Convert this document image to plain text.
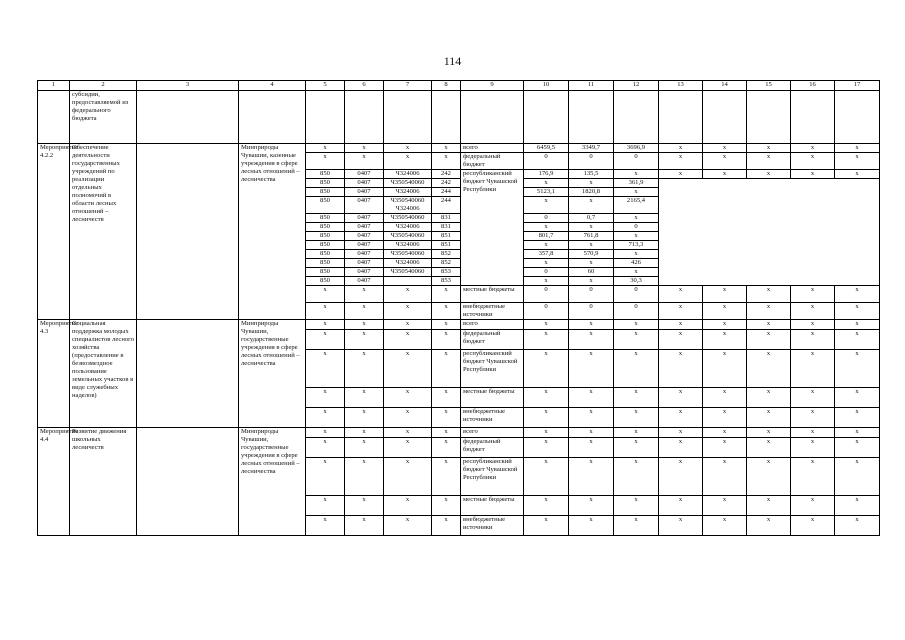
114
1	2	3	4	5	6	7	8	9	10	11	12	13	14	15	16	17
	субсидии, предоставляемой из федерального бюджета															
Мероприятие 4.2.2	Обеспечение деятельности государственных учреждений по реализации отдельных полномочий в области лесных отношений – лесничеств		Минприроды Чувашии, казенные учреждения в сфере лесных отношений – лесничества	x	x	x	x	всего	6459,5	3349,7	3696,9	x	x	x	x	x
				x	x	x	x	федеральный бюджет	0	0	0	x	x	x	x	x
				850	0407	Ч324006	242	республиканский бюджет Чувашской Республики	176,9	135,5	x	x	x	x	x	x
				850	0407	Ч350540060	242		x	x	361,9					
				850	0407	Ч324006	244		5123,1	1820,8	x					
				850	0407	Ч350540060 Ч324006	244		x	x	2165,4					
				850	0407	Ч350540060	831		0	0,7	x					
				850	0407	Ч324006	831		x	x	0					
				850	0407	Ч350540060	851		801,7	761,8	x					
				850	0407	Ч324006	851		x	x	713,3					
				850	0407	Ч350540060	852		357,8	570,9	x					
				850	0407	Ч324006	852		x	x	426					
				850	0407	Ч350540060	853		0	60	x					
				850	0407		853		x	x	30,3					
				x	x	x	x	местные бюджеты	0	0	0	x	x	x	x	x
				x	x	x	x	внебюджетные источники	0	0	0	x	x	x	x	x
Мероприятие 4.3	Социальная поддержка молодых специалистов лесного хозяйства (предоставление в безвозмездное пользование земельных участков в виде служебных наделов)		Минприроды Чувашии, государственные учреждения в сфере лесных отношений – лесничества	x	x	x	x	всего	x	x	x	x	x	x	x	x
				x	x	x	x	федеральный бюджет	x	x	x	x	x	x	x	x
				x	x	x	x	республиканский бюджет Чувашской Республики	x	x	x	x	x	x	x	x
				x	x	x	x	местные бюджеты	x	x	x	x	x	x	x	x
				x	x	x	x	внебюджетные источники	x	x	x	x	x	x	x	x
Мероприятие 4.4	Развитие движения школьных лесничеств		Минприроды Чувашии, государственные учреждения в сфере лесных отношений – лесничества	x	x	x	x	всего	x	x	x	x	x	x	x	x
				x	x	x	x	федеральный бюджет	x	x	x	x	x	x	x	x
				x	x	x	x	республиканский бюджет Чувашской Республики	x	x	x	x	x	x	x	x
				x	x	x	x	местные бюджеты	x	x	x	x	x	x	x	x
				x	x	x	x	внебюджетные источники	x	x	x	x	x	x	x	x
